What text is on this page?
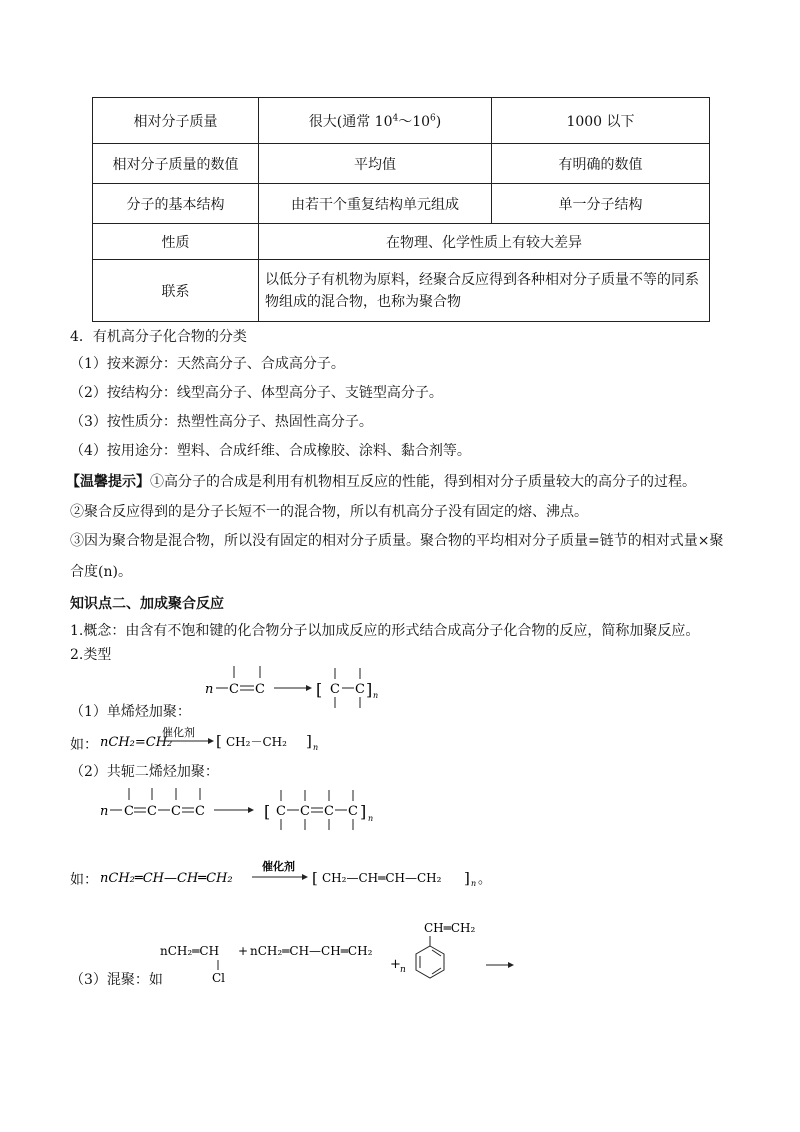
相对分子质量	很大(通常 $10^4\sim 10^6$)	1000 以下
相对分子质量的数值	平均值	有明确的数值
分子的基本结构	由若干个重复结构单元组成	单一分子结构
性质	在物理、化学性质上有较大差异	
联系	以低分子有机物为原料，经聚合反应得到各种相对分子质量不等的同系物组成的混合物，也称为聚合物	
4．有机高分子化合物的分类
（1）按来源分：天然高分子、合成高分子。
（2）按结构分：线型高分子、体型高分子、支链型高分子。
（3）按性质分：热塑性高分子、热固性高分子。
（4）按用途分：塑料、合成纤维、合成橡胶、涂料、黏合剂等。
【温馨提示】①高分子的合成是利用有机物相互反应的性能，得到相对分子质量较大的高分子的过程。
②聚合反应得到的是分子长短不一的混合物，所以有机高分子没有固定的熔、沸点。
③因为聚合物是混合物，所以没有固定的相对分子质量。聚合物的平均相对分子质量=链节的相对式量×聚
合度(n)。
知识点二、加成聚合反应
1.概念：由含有不饱和键的化合物分子以加成反应的形式结合成高分子化合物的反应，简称加聚反应。
2.类型
n C C	[ C C ] n
nCH₂=CH₂
催化剂 [ CH₂－CH₂ ] n
n C C C C	[ C C C C ] n
nCH₂═CH—CH═CH₂
催化剂
[ CH₂—CH═CH—CH₂ ] n 。
nCH₂═CH
Cl
+ nCH₂═CH—CH═CH₂
+ n
CH═CH₂
（1）单烯烃加聚：
如：
（2）共轭二烯烃加聚：
如：
（3）混聚：如
